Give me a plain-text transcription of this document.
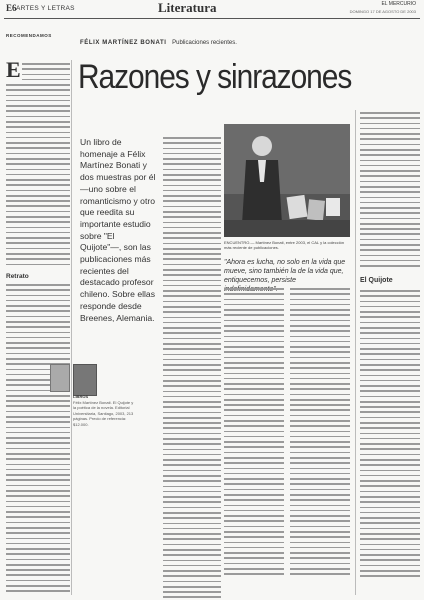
E6 ARTES Y LETRAS	Literatura	EL MERCURIO
DOMINGO 17 DE AGOSTO DE 2003
RECOMENDAMOS
FÉLIX MARTÍNEZ BONATI Publicaciones recientes.
Razones y sinrazones
E
Retrato
Un libro de homenaje a Félix Martínez Bonati y dos muestras por él —uno sobre el romanticismo y otro que reedita su importante estudio sobre "El Quijote"—, son las publicaciones más recientes del destacado profesor chileno. Sobre ellas responde desde Breenes, Alemania.
Félix Martínez Bonati. El Quijote y la poética de la novela. Editorial Universitaria, Santiago, 2003, 213 páginas. Precio de referencia: $12.000.
LIBROS
ENCUENTRO.— Martínez Bonati, entre 2003, el CAL y la colección más reciente de publicaciones.
"Ahora es lucha, no solo en la vida que mueve, sino también la de la vida que, entiquecemos, persiste	El Quijote
